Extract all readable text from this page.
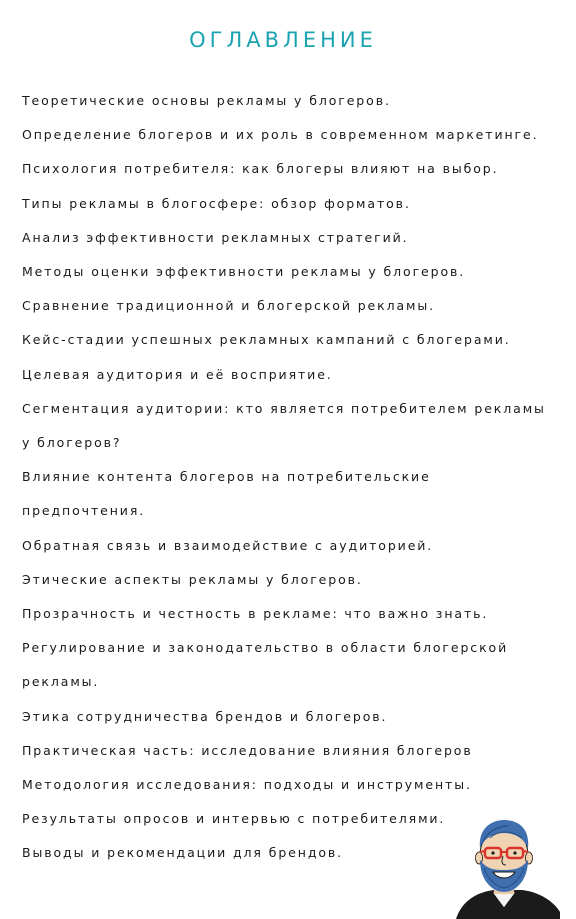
ОГЛАВЛЕНИЕ
Теоретические основы рекламы у блогеров.
Определение блогеров и их роль в современном маркетинге.
Психология потребителя: как блогеры влияют на выбор.
Типы рекламы в блогосфере: обзор форматов.
Анализ эффективности рекламных стратегий.
Методы оценки эффективности рекламы у блогеров.
Сравнение традиционной и блогерской рекламы.
Кейс-стадии успешных рекламных кампаний с блогерами.
Целевая аудитория и её восприятие.
Сегментация аудитории: кто является потребителем рекламы
у блогеров?
Влияние контента блогеров на потребительские
предпочтения.
Обратная связь и взаимодействие с аудиторией.
Этические аспекты рекламы у блогеров.
Прозрачность и честность в рекламе: что важно знать.
Регулирование и законодательство в области блогерской
рекламы.
Этика сотрудничества брендов и блогеров.
Практическая часть: исследование влияния блогеров
Методология исследования: подходы и инструменты.
Результаты опросов и интервью с потребителями.
Выводы и рекомендации для брендов.
